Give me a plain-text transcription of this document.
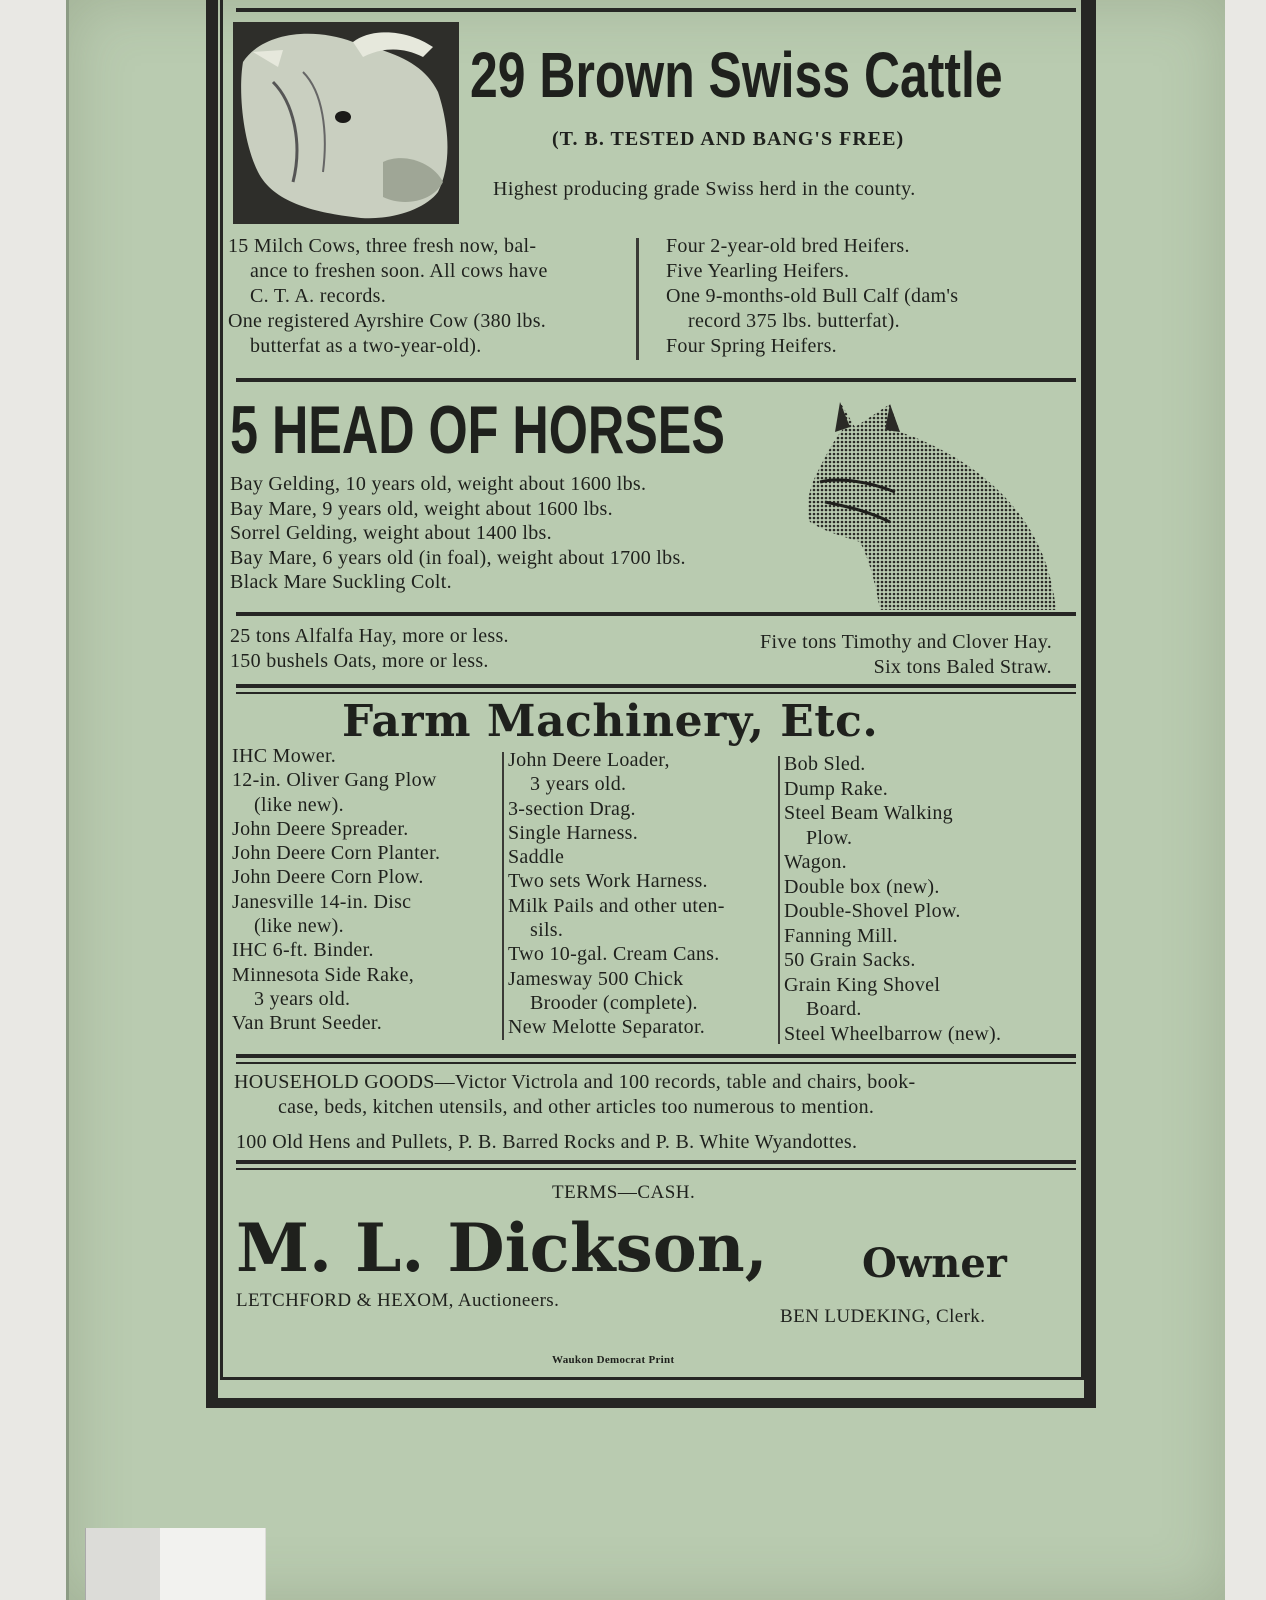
29 Brown Swiss Cattle
(T. B. TESTED AND BANG'S FREE)
Highest producing grade Swiss herd in the county.
15 Milch Cows, three fresh now, bal-
ance to freshen soon. All cows have
C. T. A. records.
One registered Ayrshire Cow (380 lbs.
butterfat as a two-year-old).
Four 2-year-old bred Heifers.
Five Yearling Heifers.
One 9-months-old Bull Calf (dam's
record 375 lbs. butterfat).
Four Spring Heifers.
5 HEAD OF HORSES
Bay Gelding, 10 years old, weight about 1600 lbs.
Bay Mare, 9 years old, weight about 1600 lbs.
Sorrel Gelding, weight about 1400 lbs.
Bay Mare, 6 years old (in foal), weight about 1700 lbs.
Black Mare Suckling Colt.
25 tons Alfalfa Hay, more or less.
150 bushels Oats, more or less.
Five tons Timothy and Clover Hay.
Six tons Baled Straw.
Farm Machinery, Etc.
IHC Mower.
12-in. Oliver Gang Plow
(like new).
John Deere Spreader.
John Deere Corn Planter.
John Deere Corn Plow.
Janesville 14-in. Disc
(like new).
IHC 6-ft. Binder.
Minnesota Side Rake,
3 years old.
Van Brunt Seeder.
John Deere Loader,
3 years old.
3-section Drag.
Single Harness.
Saddle
Two sets Work Harness.
Milk Pails and other uten-
sils.
Two 10-gal. Cream Cans.
Jamesway 500 Chick
Brooder (complete).
New Melotte Separator.
Bob Sled.
Dump Rake.
Steel Beam Walking
Plow.
Wagon.
Double box (new).
Double-Shovel Plow.
Fanning Mill.
50 Grain Sacks.
Grain King Shovel
Board.
Steel Wheelbarrow (new).
HOUSEHOLD GOODS—Victor Victrola and 100 records, table and chairs, book-
case, beds, kitchen utensils, and other articles too numerous to mention.
100 Old Hens and Pullets, P. B. Barred Rocks and P. B. White Wyandottes.
TERMS—CASH.
M. L. Dickson, Owner
LETCHFORD & HEXOM, Auctioneers.
BEN LUDEKING, Clerk.
Waukon Democrat Print
